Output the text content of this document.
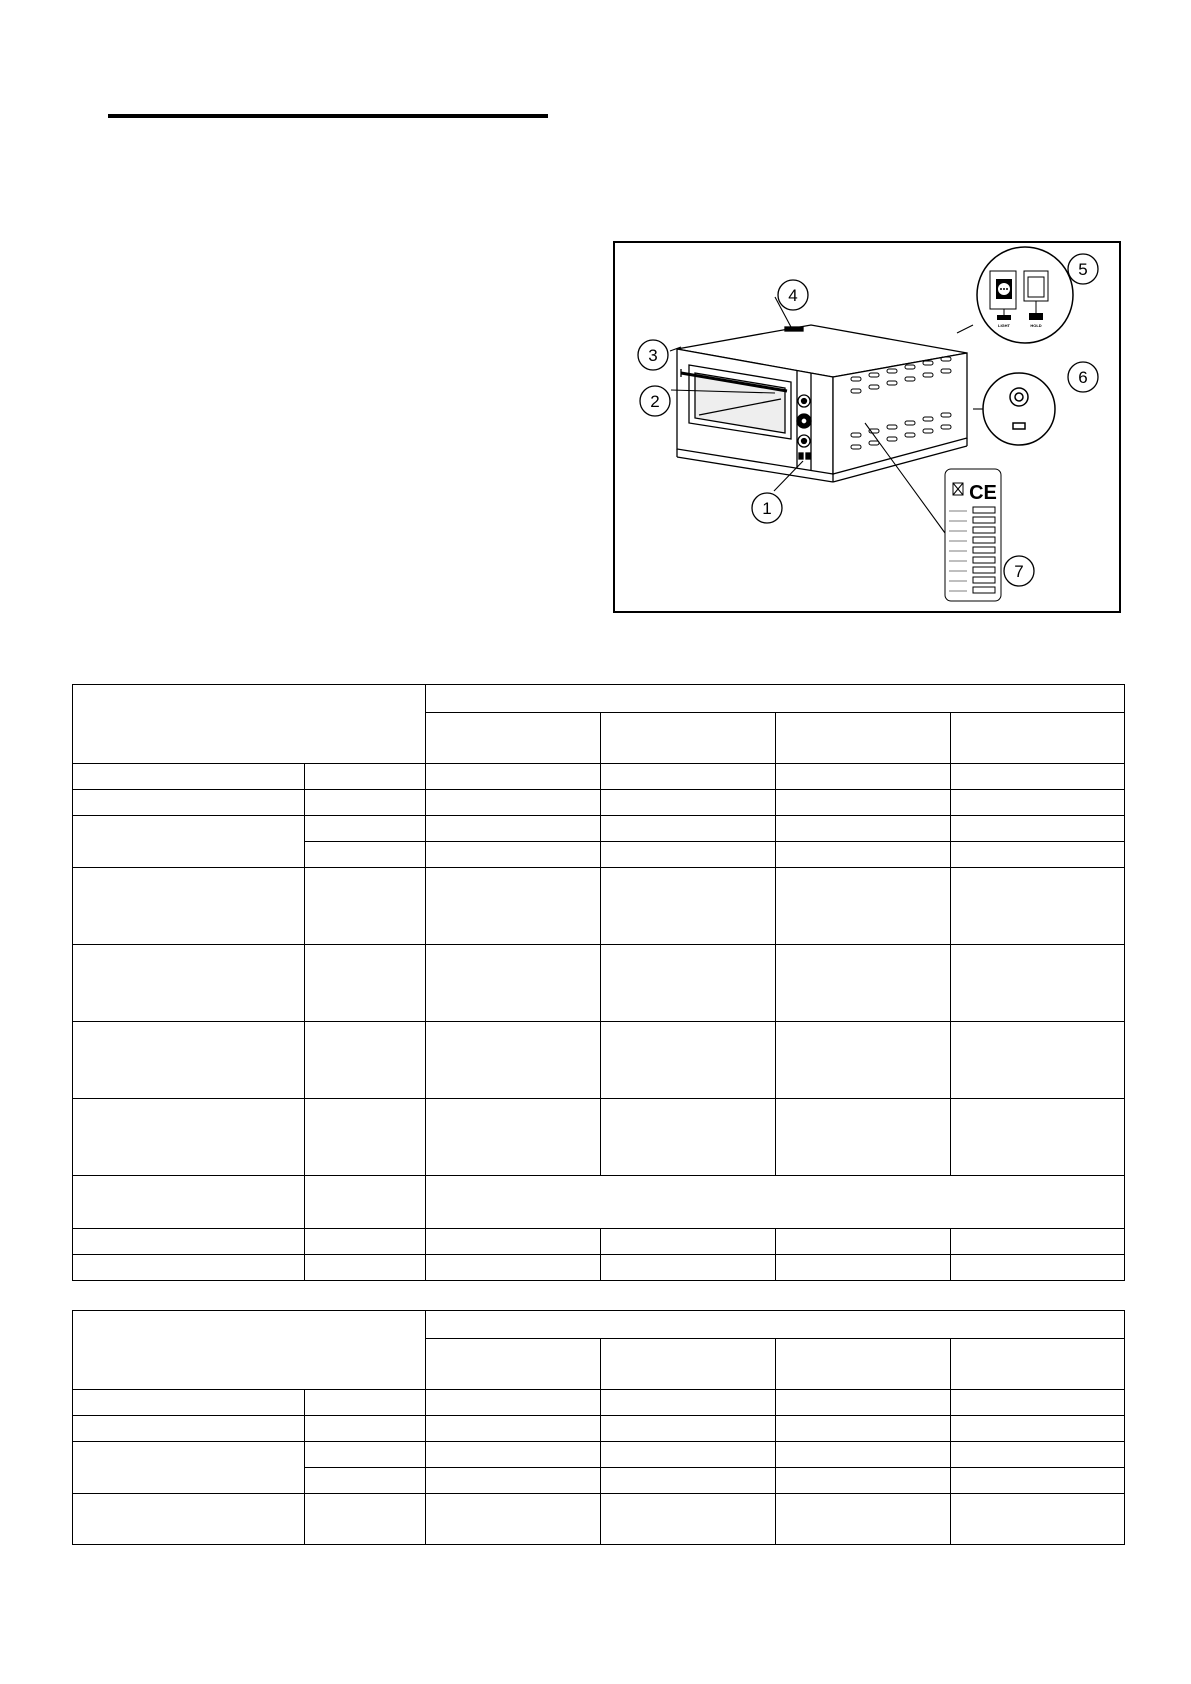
LIGHT	HOLD
CE
1
2
3
4
5
6
7
